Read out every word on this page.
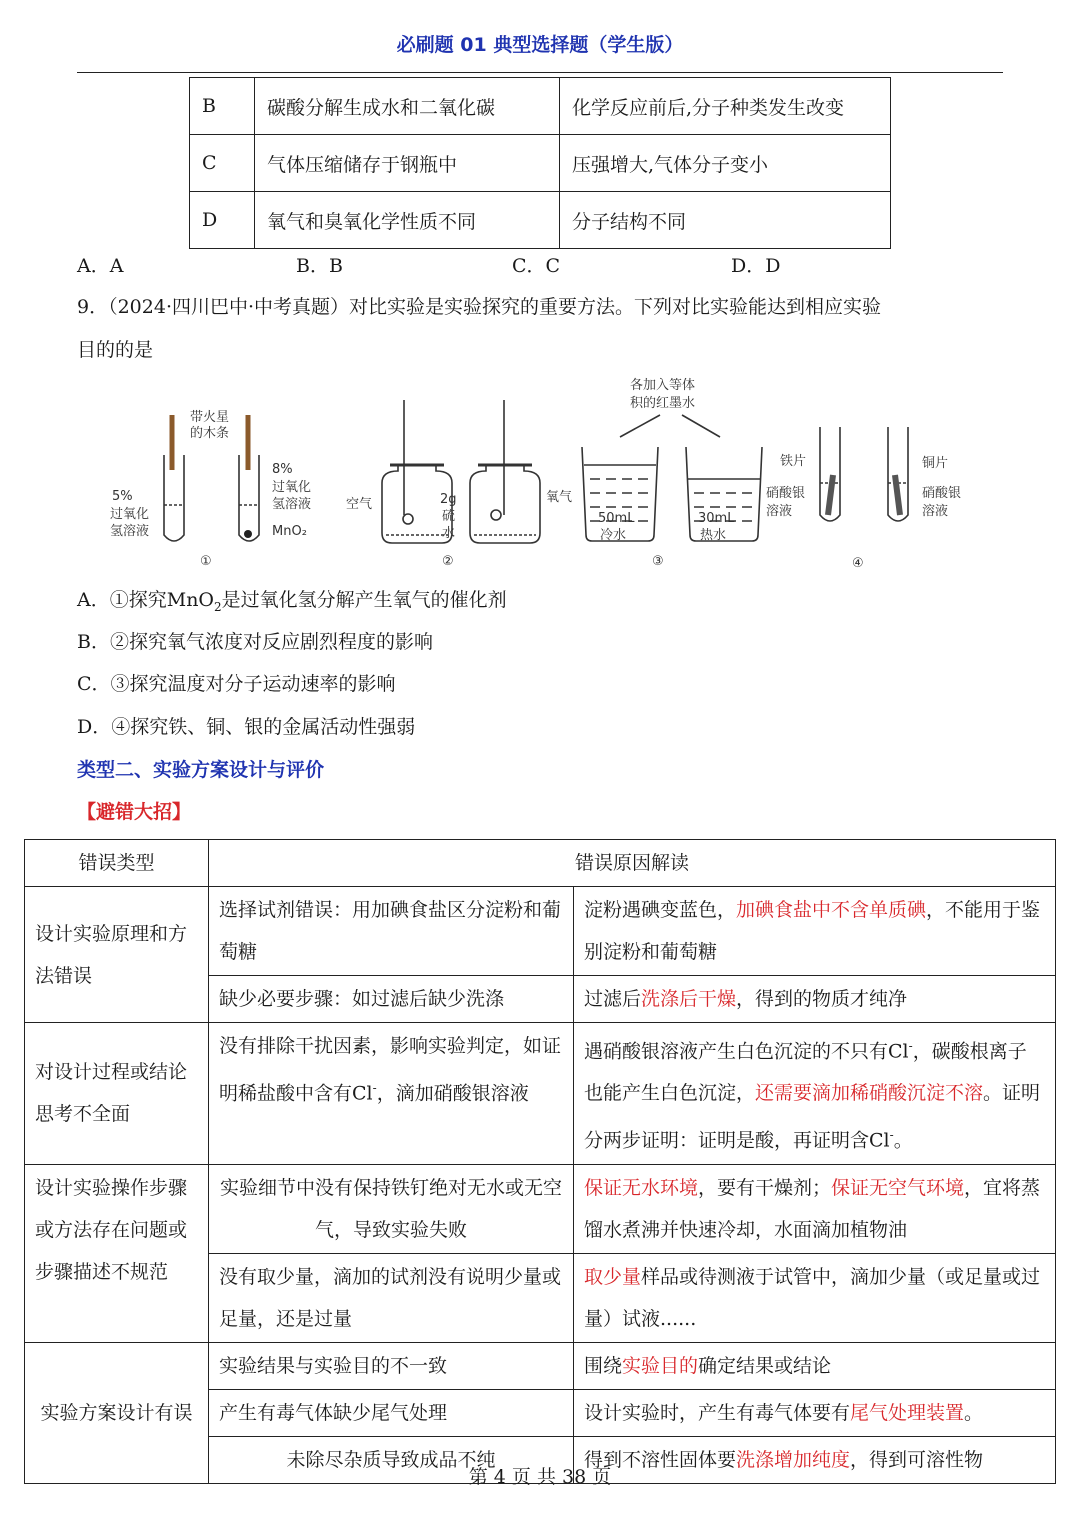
必刷题 01 典型选择题（学生版）
B	碳酸分解生成水和二氧化碳	化学反应前后,分子种类发生改变
C	气体压缩储存于钢瓶中	压强增大,气体分子变小
D	氧气和臭氧化学性质不同	分子结构不同
A．A	B．B	C．C	D．D
9．（2024·四川巴中·中考真题）对比实验是实验探究的重要方法。下列对比实验能达到相应实验
目的的是
带火星
的木条
5%
过氧化
氢溶液
8%
过氧化
氢溶液
MnO₂
空气	2g
硫
水
氧气
各加入等体
积的红墨水
50mL
冷水
30mL
热水
铁片	铜片
硝酸银
溶液
硝酸银
溶液
①	②	③	④
A．①探究MnO$_2$是过氧化氢分解产生氧气的催化剂
B．②探究氧气浓度对反应剧烈程度的影响
C．③探究温度对分子运动速率的影响
D．④探究铁、铜、银的金属活动性强弱
类型二、实验方案设计与评价
【避错大招】
错误类型	错误原因解读	
设计实验原理和方法错误	选择试剂错误：用加碘食盐区分淀粉和葡萄糖	淀粉遇碘变蓝色，加碘食盐中不含单质碘，不能用于鉴别淀粉和葡萄糖
	缺少必要步骤：如过滤后缺少洗涤	过滤后洗涤后干燥，得到的物质才纯净
对设计过程或结论思考不全面	没有排除干扰因素，影响实验判定，如证明稀盐酸中含有Cl-，滴加硝酸银溶液	遇硝酸银溶液产生白色沉淀的不只有Cl-，碳酸根离子也能产生白色沉淀，还需要滴加稀硝酸沉淀不溶。证明分两步证明：证明是酸，再证明含Cl-。
设计实验操作步骤或方法存在问题或步骤描述不规范	实验细节中没有保持铁钉绝对无水或无空气，导致实验失败	保证无水环境，要有干燥剂；保证无空气环境，宜将蒸馏水煮沸并快速冷却，水面滴加植物油
	没有取少量，滴加的试剂没有说明少量或足量，还是过量	取少量样品或待测液于试管中，滴加少量（或足量或过量）试液......
实验方案设计有误	实验结果与实验目的不一致	围绕实验目的确定结果或结论
	产生有毒气体缺少尾气处理	设计实验时，产生有毒气体要有尾气处理装置。
	未除尽杂质导致成品不纯	得到不溶性固体要洗涤增加纯度，得到可溶性物
第 4 页 共 38 页
